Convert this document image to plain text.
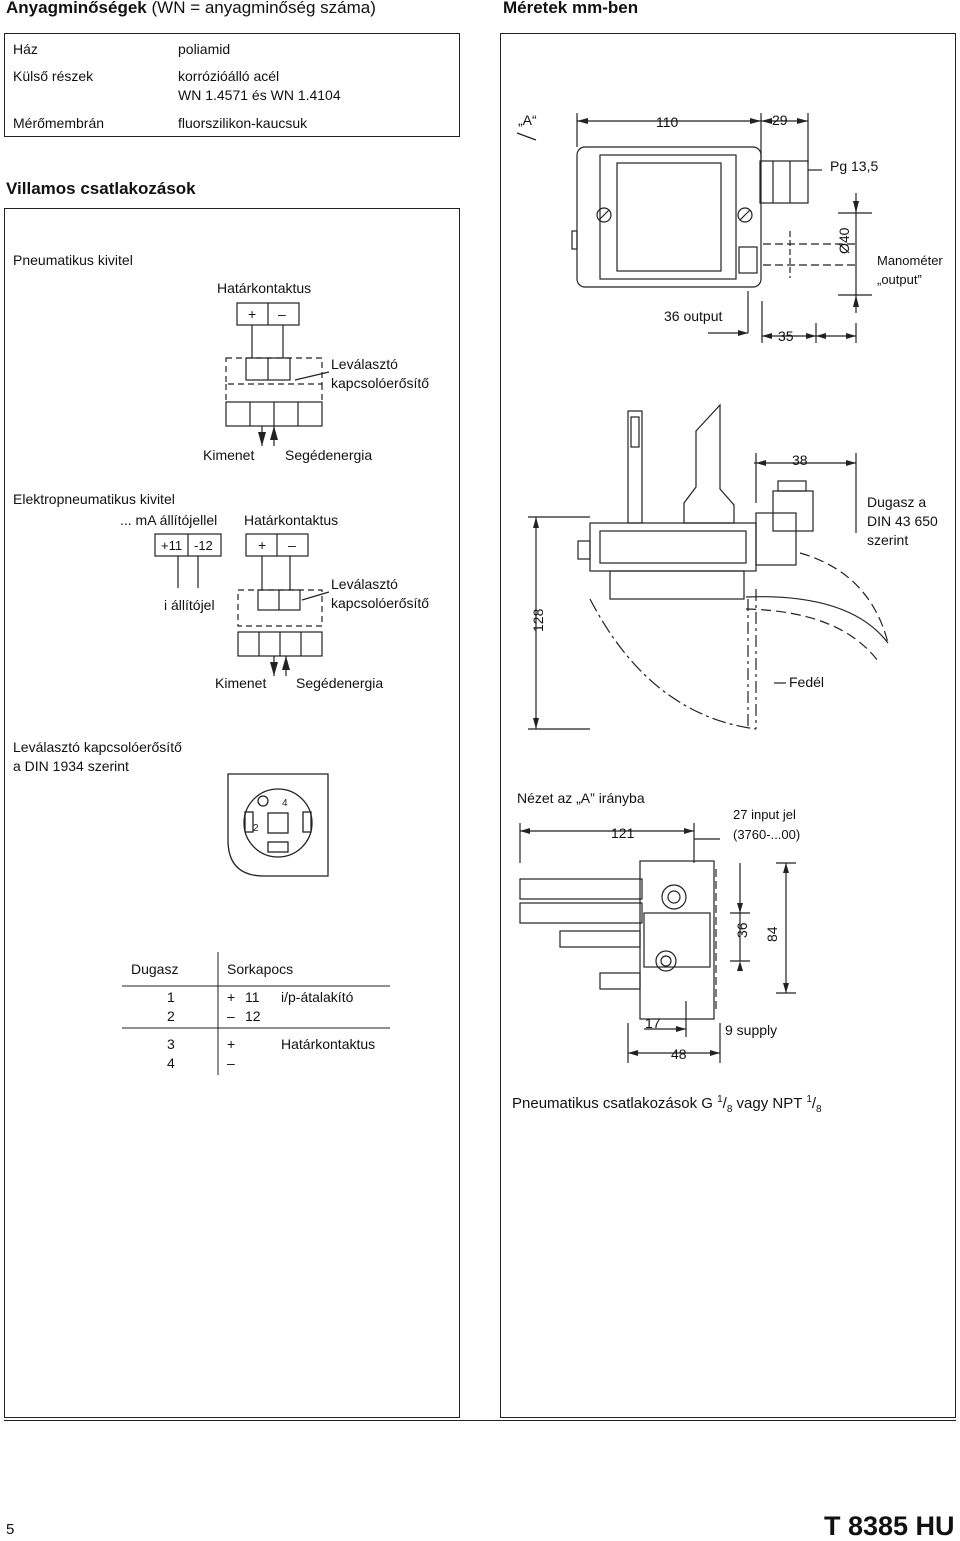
Anyagminőségek (WN = anyagminőség száma)
Ház	poliamid
Külső részek	korrózióálló acél
WN 1.4571 és WN 1.4104
Mérőmembrán	fluorszilikon-kaucsuk
Villamos csatlakozások
Pneumatikus kivitel
Határkontaktus
Leválasztó
kapcsolóerősítő
Kimenet Segédenergia
Elektropneumatikus kivitel
... mA állítójellel Határkontaktus
i állítójel
Leválasztó
kapcsolóerősítő
Kimenet Segédenergia
Leválasztó kapcsolóerősítő
a DIN 1934 szerint
Dugasz	Sorkapocs
1	+ 11 i/p-átalakító
2	– 12
3	+	Határkontaktus
4	–
2
4
+ –
+11 -12	+ –
Méretek mm-ben
„A“	110	29
Pg 13,5
Ø40
Manométer
„output”
36 output
35
38
Dugasz a
DIN 43 650
szerint
128
Fedél
Nézet az „A” irányba
121
27 input jel
(3760-...00)
36 84
17
48
9 supply
Pneumatikus csatlakozások G $^1/_8$ vagy NPT $^1/_8$
5	T 8385 HU
